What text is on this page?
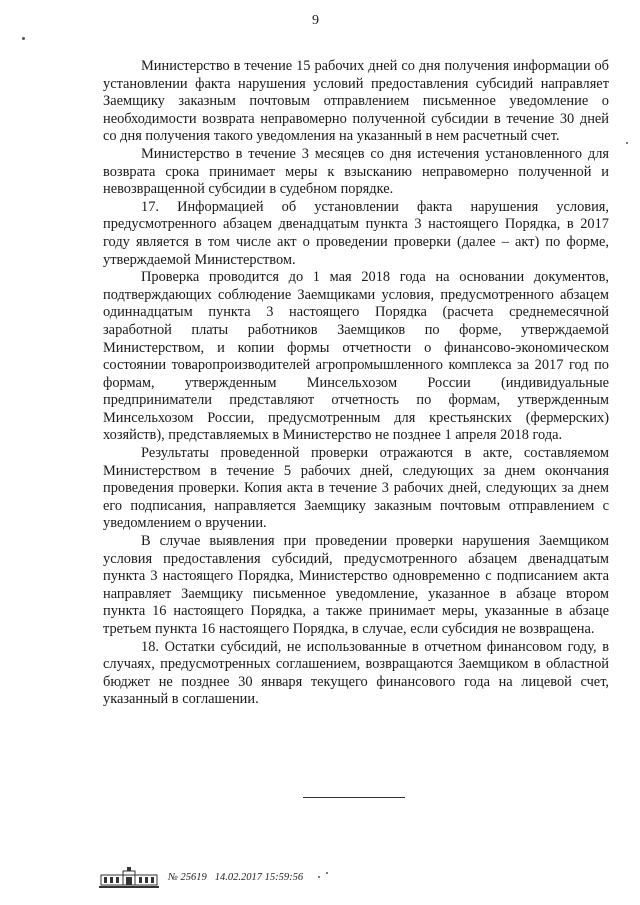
9

Министерство в течение 15 рабочих дней со дня получения информации об установлении факта нарушения условий предоставления субсидий направляет Заемщику заказным почтовым отправлением письменное уведомление о необходимости возврата неправомерно полученной субсидии в течение 30 дней со дня получения такого уведомления на указанный в нем расчетный счет.

Министерство в течение 3 месяцев со дня истечения установленного для возврата срока принимает меры к взысканию неправомерно полученной и невозвращенной субсидии в судебном порядке.

17. Информацией об установлении факта нарушения условия, предусмотренного абзацем двенадцатым пункта 3 настоящего Порядка, в 2017 году является в том числе акт о проведении проверки (далее – акт) по форме, утверждаемой Министерством.

Проверка проводится до 1 мая 2018 года на основании документов, подтверждающих соблюдение Заемщиками условия, предусмотренного абзацем одиннадцатым пункта 3 настоящего Порядка (расчета среднемесячной заработной платы работников Заемщиков по форме, утверждаемой Министерством, и копии формы отчетности о финансово-экономическом состоянии товаропроизводителей агропромышленного комплекса за 2017 год по формам, утвержденным Минсельхозом России (индивидуальные предприниматели представляют отчетность по формам, утвержденным Минсельхозом России, предусмотренным для крестьянских (фермерских) хозяйств), представляемых в Министерство не позднее 1 апреля 2018 года.

Результаты проведенной проверки отражаются в акте, составляемом Министерством в течение 5 рабочих дней, следующих за днем окончания проведения проверки. Копия акта в течение 3 рабочих дней, следующих за днем его подписания, направляется Заемщику заказным почтовым отправлением с уведомлением о вручении.

В случае выявления при проведении проверки нарушения Заемщиком условия предоставления субсидий, предусмотренного абзацем двенадцатым пункта 3 настоящего Порядка, Министерство одновременно с подписанием акта направляет Заемщику письменное уведомление, указанное в абзаце втором пункта 16 настоящего Порядка, а также принимает меры, указанные в абзаце третьем пункта 16 настоящего Порядка, в случае, если субсидия не возвращена.

18. Остатки субсидий, не использованные в отчетном финансовом году, в случаях, предусмотренных соглашением, возвращаются Заемщиком в областной бюджет не позднее 30 января текущего финансового года на лицевой счет, указанный в соглашении.

№ 25619 14.02.2017 15:59:56
